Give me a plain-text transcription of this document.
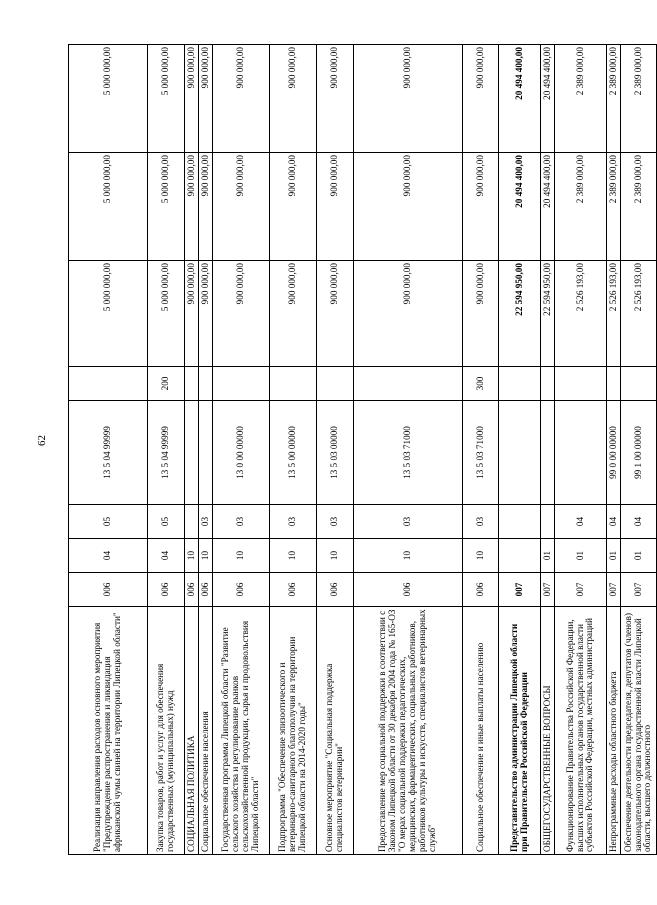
62
Реализация направления расходов основного мероприятия "Предупреждение распространения и ликвидация африканской чумы свиней на территории Липецкой области"	006	04	05	13 5 04 99999		5 000 000,00	5 000 000,00	5 000 000,00
Закупка товаров, работ и услуг для обеспечения государственных (муниципальных) нужд	006	04	05	13 5 04 99999	200	5 000 000,00	5 000 000,00	5 000 000,00
СОЦИАЛЬНАЯ ПОЛИТИКА	006	10				900 000,00	900 000,00	900 000,00
Социальное обеспечение населения	006	10	03			900 000,00	900 000,00	900 000,00
Государственная программа Липецкой области "Развитие сельского хозяйства и регулирование рынков сельскохозяйственной продукции, сырья и продовольствия Липецкой области"	006	10	03	13 0 00 00000		900 000,00	900 000,00	900 000,00
Подпрограмма "Обеспечение эпизоотического и ветеринарно-санитарного благополучия на территории Липецкой области на 2014-2020 годы"	006	10	03	13 5 00 00000		900 000,00	900 000,00	900 000,00
Основное мероприятие "Социальная поддержка специалистов ветеринарии"	006	10	03	13 5 03 00000		900 000,00	900 000,00	900 000,00
Предоставление мер социальной поддержки в соответствии с Законом Липецкой области от 30 декабря 2004 года № 165-ОЗ "О мерах социальной поддержки педагогических, медицинских, фармацевтических, социальных работников, работников культуры и искусств, специалистов ветеринарных служб"	006	10	03	13 5 03 71000		900 000,00	900 000,00	900 000,00
Социальное обеспечение и иные выплаты населению	006	10	03	13 5 03 71000	300	900 000,00	900 000,00	900 000,00
Представительство администрации Липецкой области при Правительстве Российской Федерации	007					22 594 950,00	20 494 400,00	20 494 400,00
ОБЩЕГОСУДАРСТВЕННЫЕ ВОПРОСЫ	007	01				22 594 950,00	20 494 400,00	20 494 400,00
Функционирование Правительства Российской Федерации, высших исполнительных органов государственной власти субъектов Российской Федерации, местных администраций	007	01	04			2 526 193,00	2 389 000,00	2 389 000,00
Непрограммные расходы областного бюджета	007	01	04	99 0 00 00000		2 526 193,00	2 389 000,00	2 389 000,00
Обеспечение деятельности председателя, депутатов (членов) законодательного органа государственной власти Липецкой области, высшего должностного	007	01	04	99 1 00 00000		2 526 193,00	2 389 000,00	2 389 000,00
